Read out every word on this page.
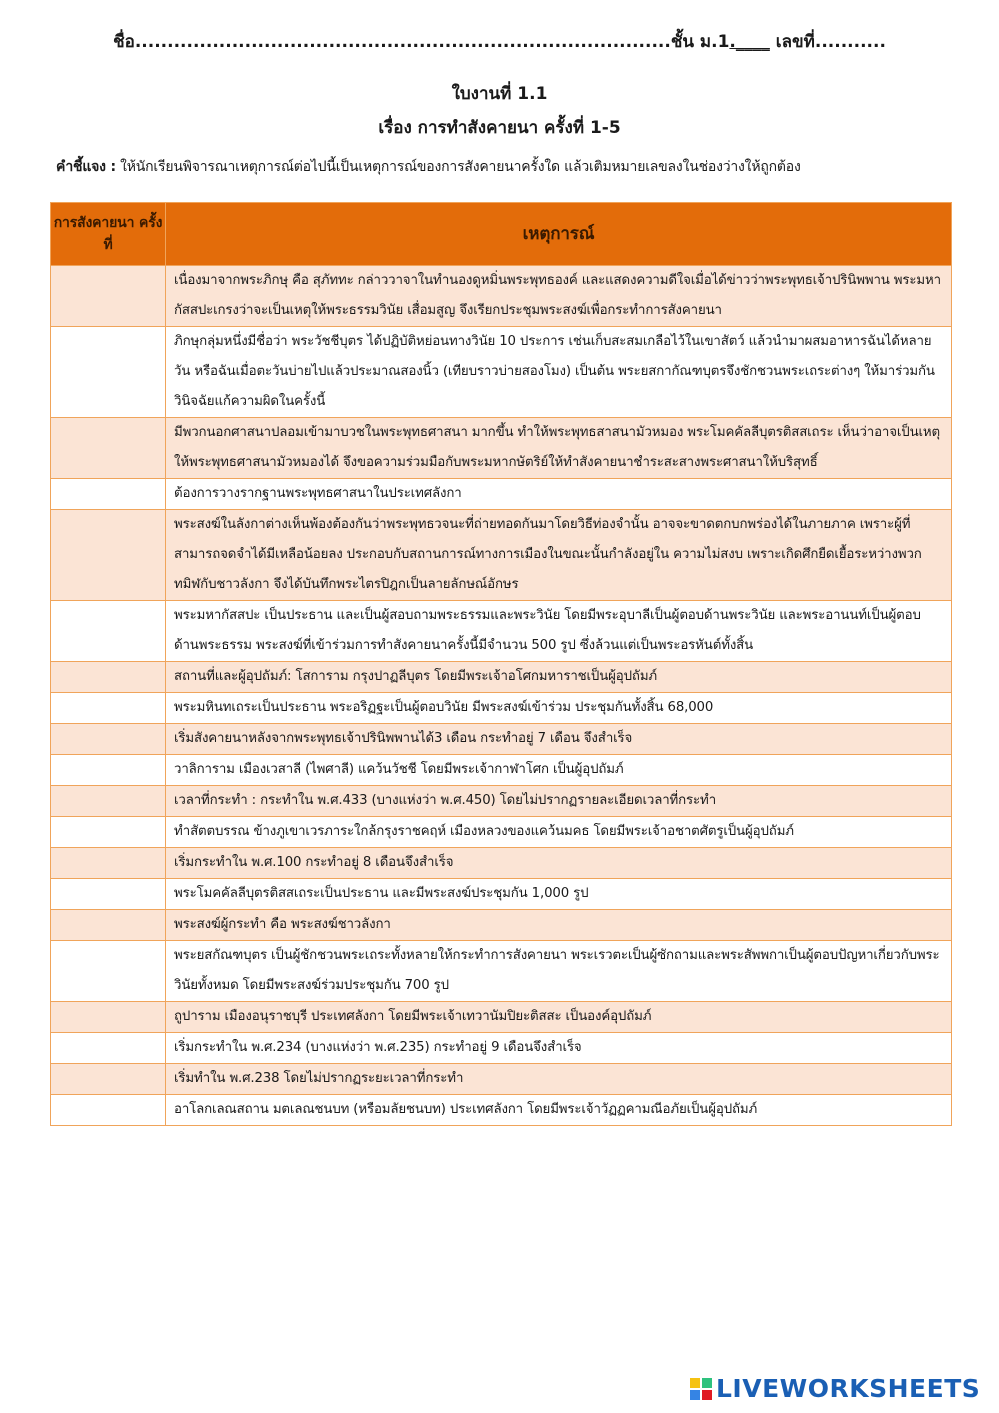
ชื่อ...................................................................................ชั้น ม.1.____ เลขที่...........
ใบงานที่ 1.1
เรื่อง การทำสังคายนา ครั้งที่ 1-5
คำชี้แจง : ให้นักเรียนพิจารณาเหตุการณ์ต่อไปนี้เป็นเหตุการณ์ของการสังคายนาครั้งใด แล้วเติมหมายเลขลงในช่องว่างให้ถูกต้อง
การสังคายนา ครั้งที่	เหตุการณ์
	เนื่องมาจากพระภิกษุ คือ สุภัททะ กล่าววาจาในทำนองดูหมิ่นพระพุทธองค์ และแสดงความดีใจเมื่อได้ข่าวว่าพระพุทธเจ้าปรินิพพาน พระมหากัสสปะเกรงว่าจะเป็นเหตุให้พระธรรมวินัย เสื่อมสูญ จึงเรียกประชุมพระสงฆ์เพื่อกระทำการสังคายนา
	ภิกษุกลุ่มหนึ่งมีชื่อว่า พระวัชชีบุตร ได้ปฏิบัติหย่อนทางวินัย 10 ประการ เช่นเก็บสะสมเกลือไว้ในเขาสัตว์ แล้วนำมาผสมอาหารฉันได้หลายวัน หรือฉันเมื่อตะวันบ่ายไปแล้วประมาณสองนิ้ว (เทียบราวบ่ายสองโมง) เป็นต้น พระยสกากัณฑบุตรจึงชักชวนพระเถระต่างๆ ให้มาร่วมกันวินิจฉัยแก้ความผิดในครั้งนี้
	มีพวกนอกศาสนาปลอมเข้ามาบวชในพระพุทธศาสนา มากขึ้น ทำให้พระพุทธสาสนามัวหมอง พระโมคคัลลีบุตรติสสเถระ เห็นว่าอาจเป็นเหตุให้พระพุทธศาสนามัวหมองได้ จึงขอความร่วมมือกับพระมหากษัตริย์ให้ทำสังคายนาชำระสะสางพระศาสนาให้บริสุทธิ์
	ต้องการวางรากฐานพระพุทธศาสนาในประเทศลังกา
	พระสงฆ์ในลังกาต่างเห็นพ้องต้องกันว่าพระพุทธวจนะที่ถ่ายทอดกันมาโดยวิธีท่องจำนั้น อาจจะขาดตกบกพร่องได้ในภายภาค เพราะผู้ที่สามารถจดจำได้มีเหลือน้อยลง ประกอบกับสถานการณ์ทางการเมืองในขณะนั้นกำลังอยู่ใน ความไม่สงบ เพราะเกิดศึกยืดเยื้อระหว่างพวกทมิฬกับชาวลังกา จึงได้บันทึกพระไตรปิฎกเป็นลายลักษณ์อักษร
	พระมหากัสสปะ เป็นประธาน และเป็นผู้สอบถามพระธรรมและพระวินัย โดยมีพระอุบาลีเป็นผู้ตอบด้านพระวินัย และพระอานนท์เป็นผู้ตอบด้านพระธรรม พระสงฆ์ที่เข้าร่วมการทำสังคายนาครั้งนี้มีจำนวน 500 รูป ซึ่งล้วนแต่เป็นพระอรหันต์ทั้งสิ้น
	สถานที่และผู้อุปถัมภ์: โสการาม กรุงปาฏลีบุตร โดยมีพระเจ้าอโศกมหาราชเป็นผู้อุปถัมภ์
	พระมหินทเถระเป็นประธาน พระอริฏฐะเป็นผู้ตอบวินัย มีพระสงฆ์เข้าร่วม ประชุมกันทั้งสิ้น 68,000
	เริ่มสังคายนาหลังจากพระพุทธเจ้าปรินิพพานได้3 เดือน กระทำอยู่ 7 เดือน จึงสำเร็จ
	วาลิการาม เมืองเวสาลี (ไพศาลี) แคว้นวัชชี โดยมีพระเจ้ากาฬาโศก เป็นผู้อุปถัมภ์
	เวลาที่กระทำ : กระทำใน พ.ศ.433 (บางแห่งว่า พ.ศ.450) โดยไม่ปรากฏรายละเอียดเวลาที่กระทำ
	ทำสัตตบรรณ ข้างภูเขาเวรภาระใกล้กรุงราชคฤห์ เมืองหลวงของแคว้นมคธ โดยมีพระเจ้าอชาตศัตรูเป็นผู้อุปถัมภ์
	เริ่มกระทำใน พ.ศ.100 กระทำอยู่ 8 เดือนจึงสำเร็จ
	พระโมคคัลลีบุตรติสสเถระเป็นประธาน และมีพระสงฆ์ประชุมกัน 1,000 รูป
	พระสงฆ์ผู้กระทำ คือ พระสงฆ์ชาวลังกา
	พระยสกัณฑบุตร เป็นผู้ชักชวนพระเถระทั้งหลายให้กระทำการสังคายนา พระเรวตะเป็นผู้ซักถามและพระสัพพกาเป็นผู้ตอบปัญหาเกี่ยวกับพระวินัยทั้งหมด โดยมีพระสงฆ์ร่วมประชุมกัน 700 รูป
	ถูปาราม เมืองอนุราชบุรี ประเทศลังกา โดยมีพระเจ้าเทวานัมปิยะติสสะ เป็นองค์อุปถัมภ์
	เริ่มกระทำใน พ.ศ.234 (บางแห่งว่า พ.ศ.235) กระทำอยู่ 9 เดือนจึงสำเร็จ
	เริ่มทำใน พ.ศ.238 โดยไม่ปรากฏระยะเวลาที่กระทำ
	อาโลกเลณสถาน มตเลณชนบท (หรือมลัยชนบท) ประเทศลังกา โดยมีพระเจ้าวัฏฏคามณีอภัยเป็นผู้อุปถัมภ์
LIVEWORKSHEETS
